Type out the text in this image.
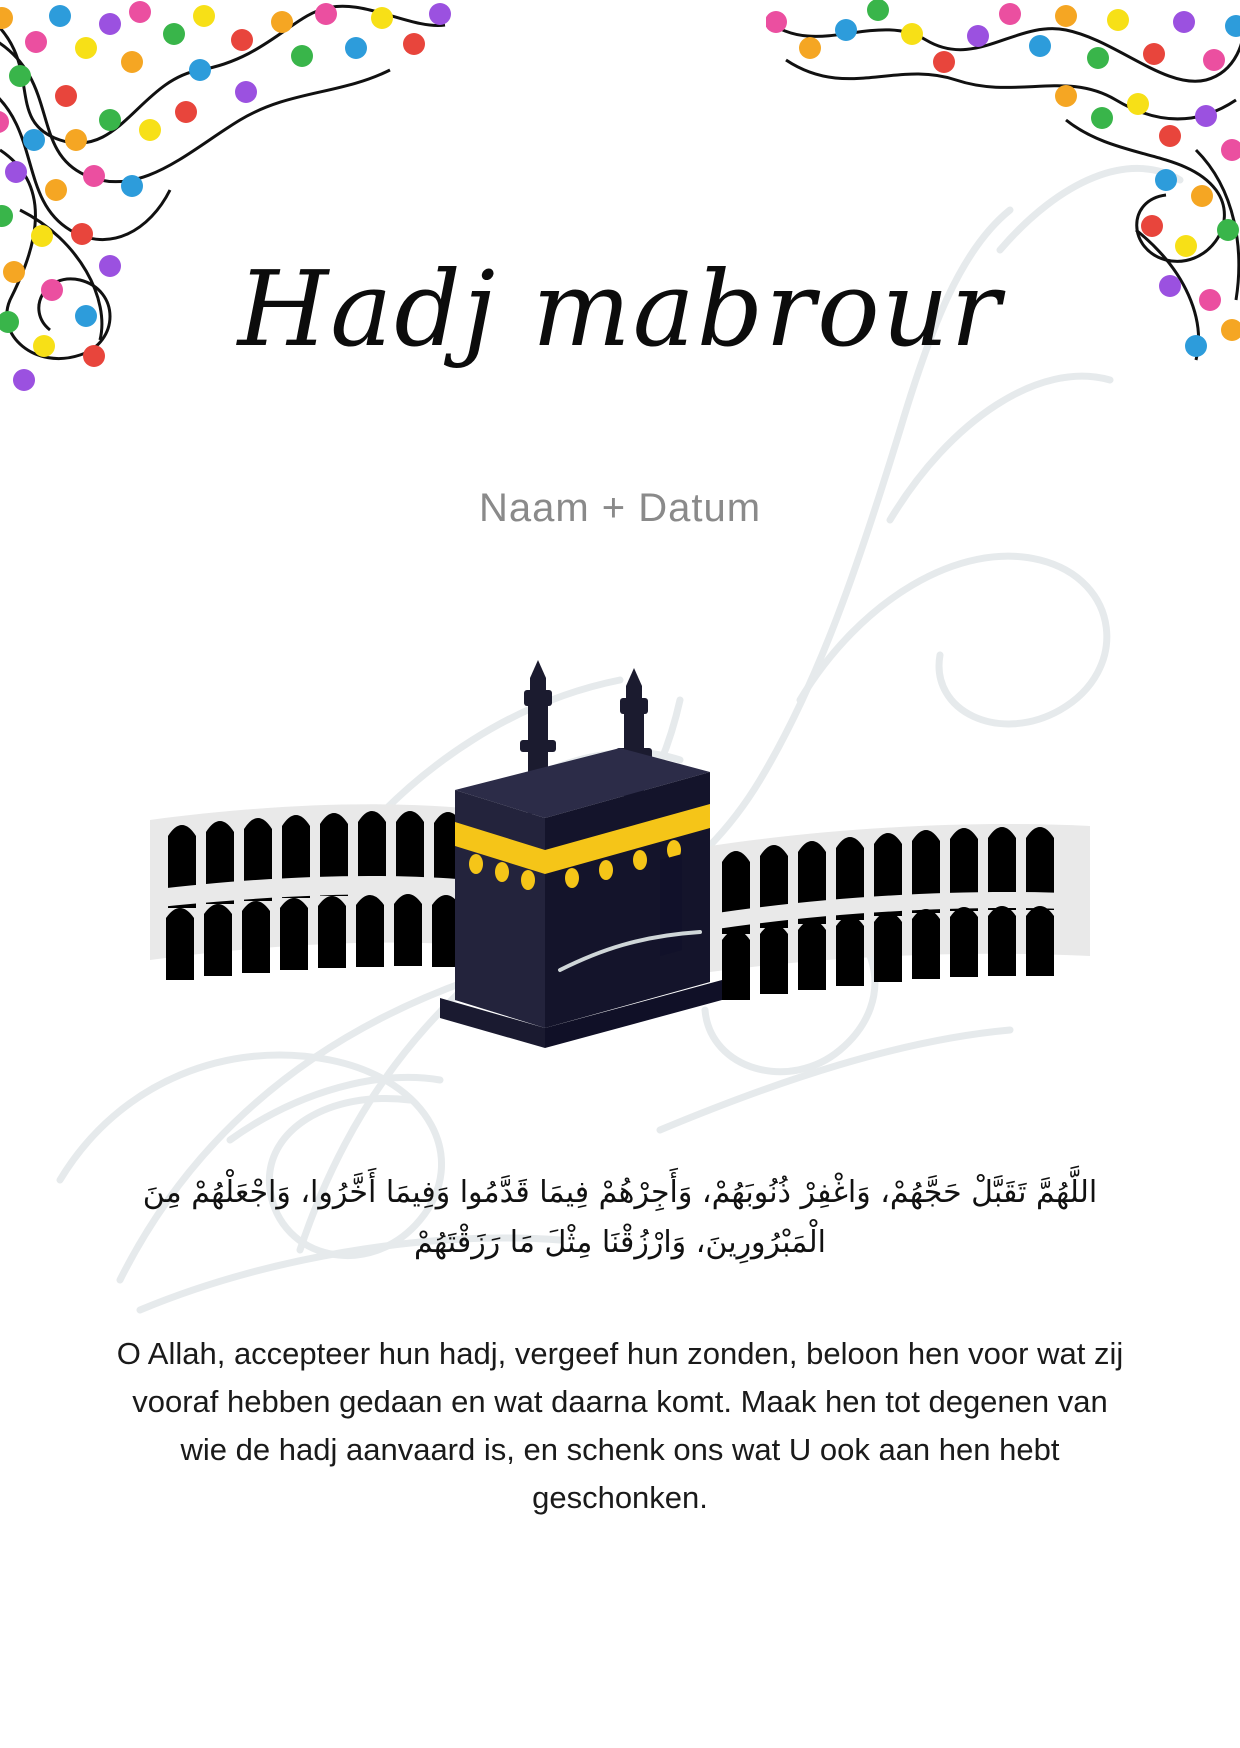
Hadj mabrour
Naam + Datum
اللَّهُمَّ تَقَبَّلْ حَجَّهُمْ، وَاغْفِرْ ذُنُوبَهُمْ، وَأَجِرْهُمْ فِيمَا قَدَّمُوا وَفِيمَا أَخَّرُوا، وَاجْعَلْهُمْ مِنَ الْمَبْرُورِينَ، وَارْزُقْنَا مِثْلَ مَا رَزَقْتَهُمْ
O Allah, accepteer hun hadj, vergeef hun zonden, beloon hen voor wat zij vooraf hebben gedaan en wat daarna komt. Maak hen tot degenen van wie de hadj aanvaard is, en schenk ons wat U ook aan hen hebt geschonken.
